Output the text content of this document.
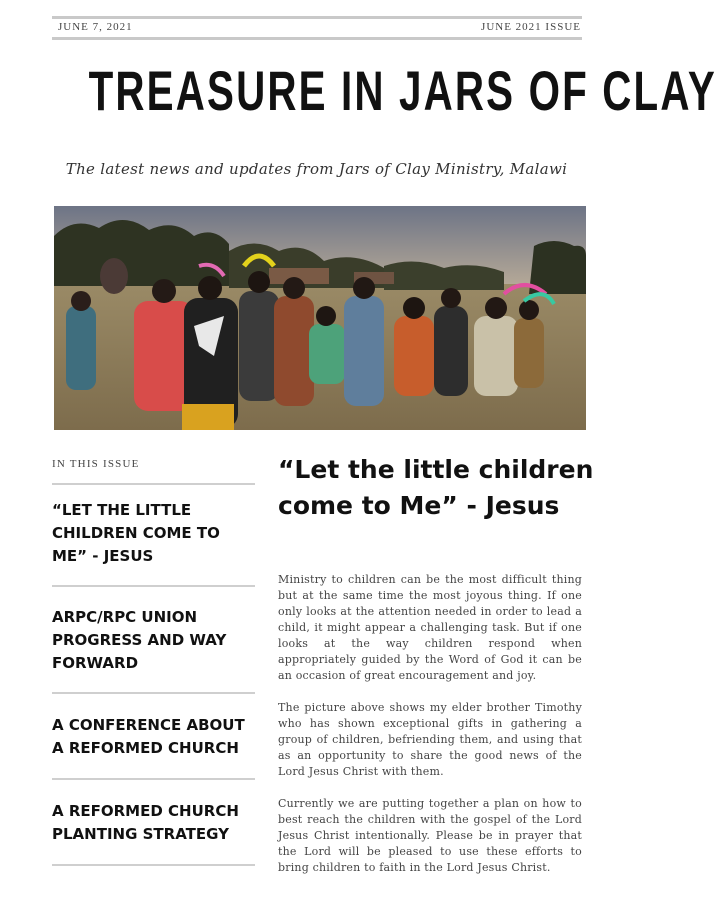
JUNE 7, 2021	JUNE 2021 ISSUE
TREASURE IN JARS OF CLAY
The latest news and updates from Jars of Clay Ministry, Malawi
IN THIS ISSUE
“LET THE LITTLE CHILDREN COME TO ME” - JESUS
ARPC/RPC UNION PROGRESS AND WAY FORWARD
A CONFERENCE ABOUT A REFORMED CHURCH
A REFORMED CHURCH PLANTING STRATEGY
“Let the little children come to Me” - Jesus
Ministry to children can be the most difficult thing but at the same time the most joyous thing. If one only looks at the attention needed in order to lead a child, it might appear a challenging task. But if one looks at the way children respond when appropriately guided by the Word of God it can be an occasion of great encouragement and joy.
The picture above shows my elder brother Timothy who has shown exceptional gifts in gathering a group of children, befriending them, and using that as an opportunity to share the good news of the Lord Jesus Christ with them.
Currently we are putting together a plan on how to best reach the children with the gospel of the Lord Jesus Christ intentionally. Please be in prayer that the Lord will be pleased to use these efforts to bring children to faith in the Lord Jesus Christ.
